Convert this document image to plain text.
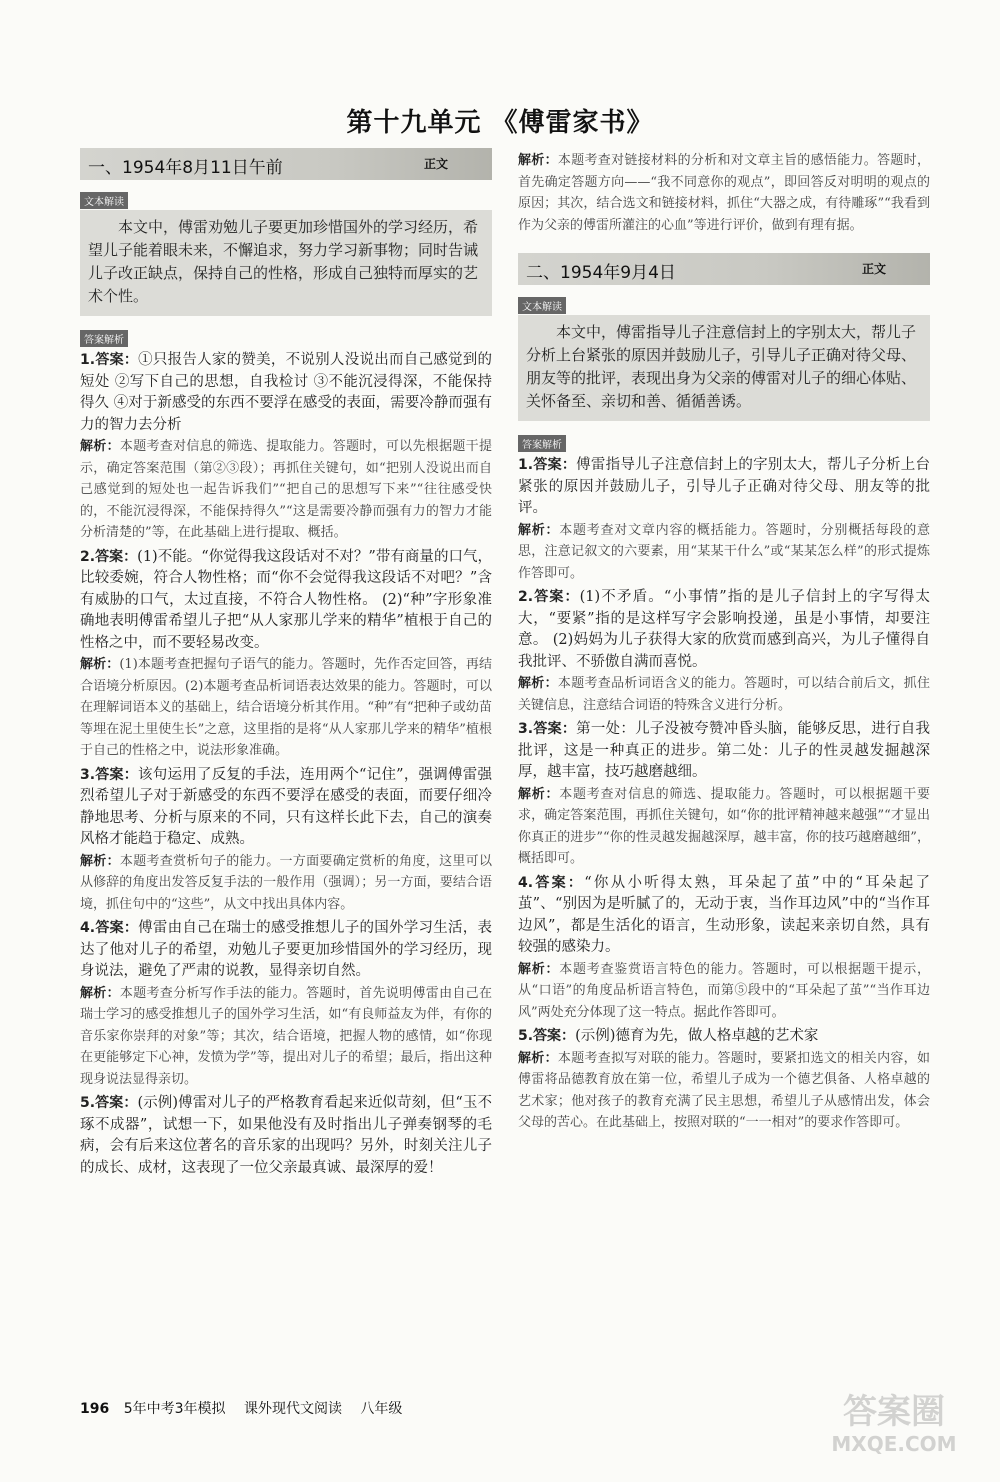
第十九单元 《傅雷家书》
一、1954年8月11日午前	正文
文本解读
本文中，傅雷劝勉儿子要更加珍惜国外的学习经历，希望儿子能着眼未来，不懈追求，努力学习新事物；同时告诫儿子改正缺点，保持自己的性格，形成自己独特而厚实的艺术个性。
答案解析
1.答案：①只报告人家的赞美，不说别人没说出而自己感觉到的短处 ②写下自己的思想，自我检讨 ③不能沉浸得深，不能保持得久 ④对于新感受的东西不要浮在感受的表面，需要冷静而强有力的智力去分析
解析：本题考查对信息的筛选、提取能力。答题时，可以先根据题干提示，确定答案范围（第②③段）；再抓住关键句，如“把别人没说出而自己感觉到的短处也一起告诉我们”“把自己的思想写下来”“往往感受快的，不能沉浸得深，不能保持得久”“这是需要冷静而强有力的智力才能分析清楚的”等，在此基础上进行提取、概括。
2.答案：(1)不能。“你觉得我这段话对不对？”带有商量的口气，比较委婉，符合人物性格；而“你不会觉得我这段话不对吧？”含有威胁的口气，太过直接，不符合人物性格。 (2)“种”字形象准确地表明傅雷希望儿子把“从人家那儿学来的精华”植根于自己的性格之中，而不要轻易改变。
解析：(1)本题考查把握句子语气的能力。答题时，先作否定回答，再结合语境分析原因。(2)本题考查品析词语表达效果的能力。答题时，可以在理解词语本义的基础上，结合语境分析其作用。“种”有“把种子或幼苗等埋在泥土里使生长”之意，这里指的是将“从人家那儿学来的精华”植根于自己的性格之中，说法形象准确。
3.答案：该句运用了反复的手法，连用两个“记住”，强调傅雷强烈希望儿子对于新感受的东西不要浮在感受的表面，而要仔细冷静地思考、分析与原来的不同，只有这样长此下去，自己的演奏风格才能趋于稳定、成熟。
解析：本题考查赏析句子的能力。一方面要确定赏析的角度，这里可以从修辞的角度出发答反复手法的一般作用（强调）；另一方面，要结合语境，抓住句中的“这些”，从文中找出具体内容。
4.答案：傅雷由自己在瑞士的感受推想儿子的国外学习生活，表达了他对儿子的希望，劝勉儿子要更加珍惜国外的学习经历，现身说法，避免了严肃的说教，显得亲切自然。
解析：本题考查分析写作手法的能力。答题时，首先说明傅雷由自己在瑞士学习的感受推想儿子的国外学习生活，如“有良师益友为伴，有你的音乐家你崇拜的对象”等；其次，结合语境，把握人物的感情，如“你现在更能够定下心神，发愤为学”等，提出对儿子的希望；最后，指出这种现身说法显得亲切。
5.答案：(示例)傅雷对儿子的严格教育看起来近似苛刻，但“玉不琢不成器”，试想一下，如果他没有及时指出儿子弹奏钢琴的毛病，会有后来这位著名的音乐家的出现吗？另外，时刻关注儿子的成长、成材，这表现了一位父亲最真诚、最深厚的爱！
解析：本题考查对链接材料的分析和对文章主旨的感悟能力。答题时，首先确定答题方向——“我不同意你的观点”，即回答反对明明的观点的原因；其次，结合选文和链接材料，抓住“大器之成，有待雕琢”“我看到作为父亲的傅雷所灌注的心血”等进行评价，做到有理有据。
二、1954年9月4日	正文
文本解读
本文中，傅雷指导儿子注意信封上的字别太大，帮儿子分析上台紧张的原因并鼓励儿子，引导儿子正确对待父母、朋友等的批评，表现出身为父亲的傅雷对儿子的细心体贴、关怀备至、亲切和善、循循善诱。
答案解析
1.答案：傅雷指导儿子注意信封上的字别太大，帮儿子分析上台紧张的原因并鼓励儿子，引导儿子正确对待父母、朋友等的批评。
解析：本题考查对文章内容的概括能力。答题时，分别概括每段的意思，注意记叙文的六要素，用“某某干什么”或“某某怎么样”的形式提炼作答即可。
2.答案：(1)不矛盾。“小事情”指的是儿子信封上的字写得太大，“要紧”指的是这样写字会影响投递，虽是小事情，却要注意。 (2)妈妈为儿子获得大家的欣赏而感到高兴，为儿子懂得自我批评、不骄傲自满而喜悦。
解析：本题考查品析词语含义的能力。答题时，可以结合前后文，抓住关键信息，注意结合词语的特殊含义进行分析。
3.答案：第一处：儿子没被夸赞冲昏头脑，能够反思，进行自我批评，这是一种真正的进步。第二处：儿子的性灵越发掘越深厚，越丰富，技巧越磨越细。
解析：本题考查对信息的筛选、提取能力。答题时，可以根据题干要求，确定答案范围，再抓住关键句，如“你的批评精神越来越强”“才显出你真正的进步”“你的性灵越发掘越深厚，越丰富，你的技巧越磨越细”，概括即可。
4.答案：“你从小听得太熟，耳朵起了茧”中的“耳朵起了茧”、“别因为是听腻了的，无动于衷，当作耳边风”中的“当作耳边风”，都是生活化的语言，生动形象，读起来亲切自然，具有较强的感染力。
解析：本题考查鉴赏语言特色的能力。答题时，可以根据题干提示，从“口语”的角度品析语言特色，而第⑤段中的“耳朵起了茧”“当作耳边风”两处充分体现了这一特点。据此作答即可。
5.答案：(示例)德育为先，做人格卓越的艺术家
解析：本题考查拟写对联的能力。答题时，要紧扣选文的相关内容，如傅雷将品德教育放在第一位，希望儿子成为一个德艺俱备、人格卓越的艺术家；他对孩子的教育充满了民主思想，希望儿子从感情出发，体会父母的苦心。在此基础上，按照对联的“一一相对”的要求作答即可。
196 5年中考3年模拟 课外现代文阅读 八年级	答案圈
MXQE.COM
